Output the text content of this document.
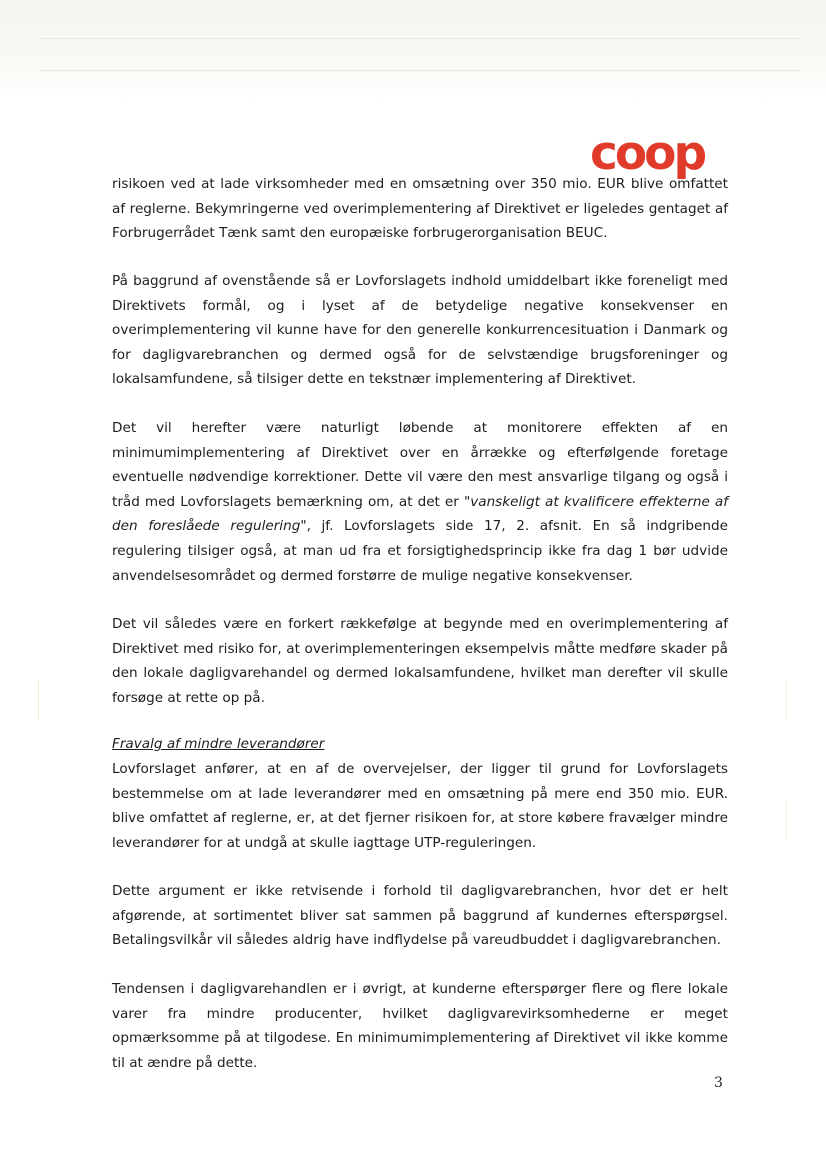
coop

risikoen ved at lade virksomheder med en omsætning over 350 mio. EUR blive omfattet af reglerne. Bekymringerne ved overimplementering af Direktivet er ligeledes gentaget af Forbrugerrådet Tænk samt den europæiske forbrugerorganisation BEUC.

På baggrund af ovenstående så er Lovforslagets indhold umiddelbart ikke foreneligt med Direktivets formål, og i lyset af de betydelige negative konsekvenser en overimplementering vil kunne have for den generelle konkurrencesituation i Danmark og for dagligvarebranchen og dermed også for de selvstændige brugsforeninger og lokalsamfundene, så tilsiger dette en tekstnær implementering af Direktivet.

Det vil herefter være naturligt løbende at monitorere effekten af en minimumimplementering af Direktivet over en årrække og efterfølgende foretage eventuelle nødvendige korrektioner. Dette vil være den mest ansvarlige tilgang og også i tråd med Lovforslagets bemærkning om, at det er "vanskeligt at kvalificere effekterne af den foreslåede regulering", jf. Lovforslagets side 17, 2. afsnit. En så indgribende regulering tilsiger også, at man ud fra et forsigtighedsprincip ikke fra dag 1 bør udvide anvendelsesområdet og dermed forstørre de mulige negative konsekvenser.

Det vil således være en forkert rækkefølge at begynde med en overimplementering af Direktivet med risiko for, at overimplementeringen eksempelvis måtte medføre skader på den lokale dagligvarehandel og dermed lokalsamfundene, hvilket man derefter vil skulle forsøge at rette op på.

Fravalg af mindre leverandører

Lovforslaget anfører, at en af de overvejelser, der ligger til grund for Lovforslagets bestemmelse om at lade leverandører med en omsætning på mere end 350 mio. EUR. blive omfattet af reglerne, er, at det fjerner risikoen for, at store købere fravælger mindre leverandører for at undgå at skulle iagttage UTP-reguleringen.

Dette argument er ikke retvisende i forhold til dagligvarebranchen, hvor det er helt afgørende, at sortimentet bliver sat sammen på baggrund af kundernes efterspørgsel. Betalingsvilkår vil således aldrig have indflydelse på vareudbuddet i dagligvarebranchen.

Tendensen i dagligvarehandlen er i øvrigt, at kunderne efterspørger flere og flere lokale varer fra mindre producenter, hvilket dagligvarevirksomhederne er meget opmærksomme på at tilgodese. En minimumimplementering af Direktivet vil ikke komme til at ændre på dette.

3
